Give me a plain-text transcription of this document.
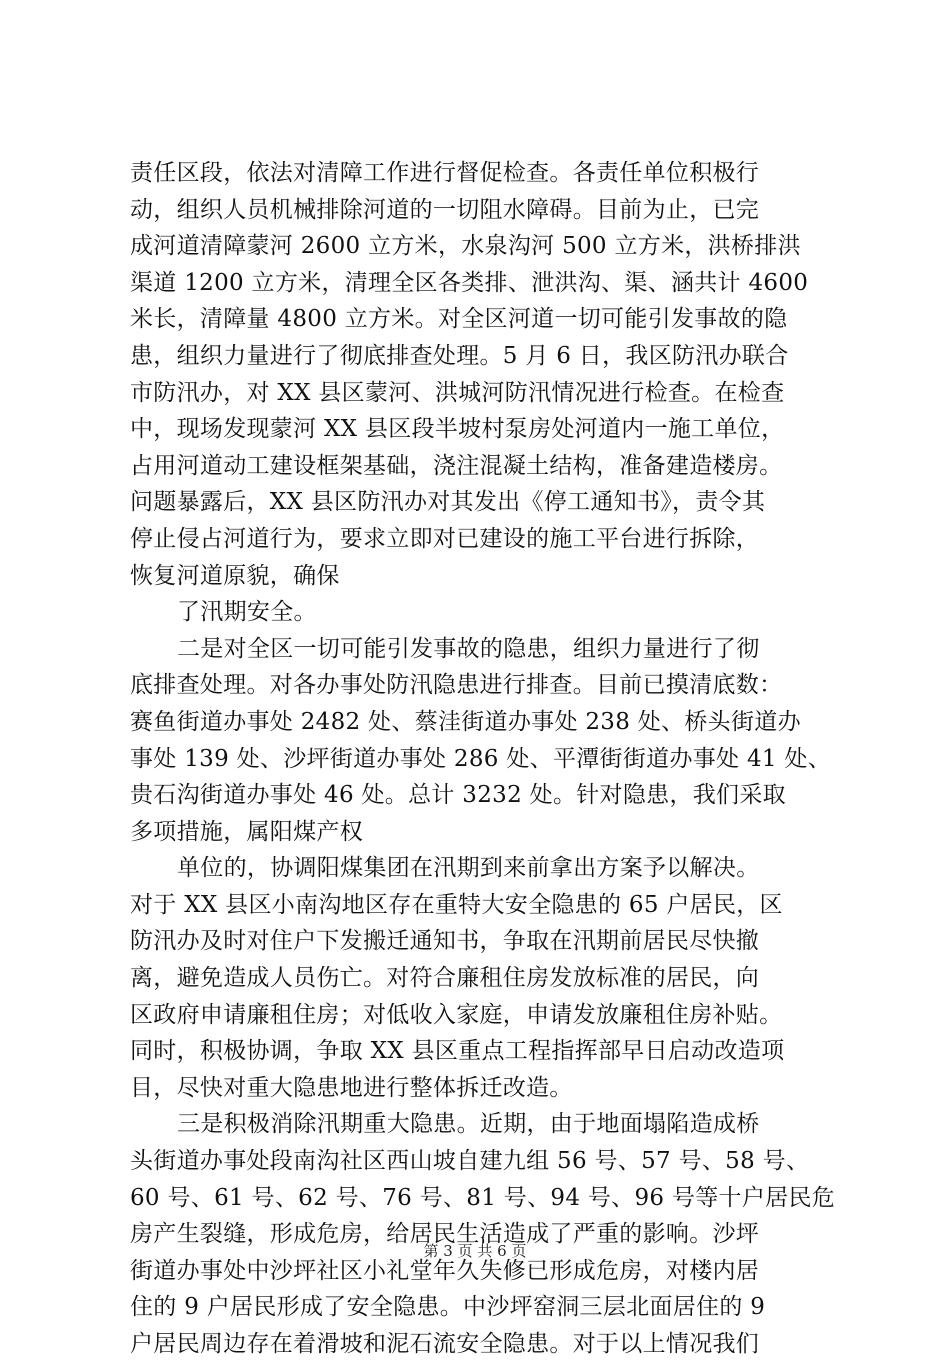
责任区段，依法对清障工作进行督促检查。各责任单位积极行
动，组织人员机械排除河道的一切阻水障碍。目前为止，已完
成河道清障蒙河 2600 立方米，水泉沟河 500 立方米，洪桥排洪
渠道 1200 立方米，清理全区各类排、泄洪沟、渠、涵共计 4600
米长，清障量 4800 立方米。对全区河道一切可能引发事故的隐
患，组织力量进行了彻底排查处理。5 月 6 日，我区防汛办联合
市防汛办，对 XX 县区蒙河、洪城河防汛情况进行检查。在检查
中，现场发现蒙河 XX 县区段半坡村泵房处河道内一施工单位，
占用河道动工建设框架基础，浇注混凝土结构，准备建造楼房。
问题暴露后，XX 县区防汛办对其发出《停工通知书》，责令其
停止侵占河道行为，要求立即对已建设的施工平台进行拆除，
恢复河道原貌，确保
了汛期安全。
二是对全区一切可能引发事故的隐患，组织力量进行了彻
底排查处理。对各办事处防汛隐患进行排查。目前已摸清底数：
赛鱼街道办事处 2482 处、蔡洼街道办事处 238 处、桥头街道办
事处 139 处、沙坪街道办事处 286 处、平潭街街道办事处 41 处、
贵石沟街道办事处 46 处。总计 3232 处。针对隐患，我们采取
多项措施，属阳煤产权
单位的，协调阳煤集团在汛期到来前拿出方案予以解决。
对于 XX 县区小南沟地区存在重特大安全隐患的 65 户居民，区
防汛办及时对住户下发搬迁通知书，争取在汛期前居民尽快撤
离，避免造成人员伤亡。对符合廉租住房发放标准的居民，向
区政府申请廉租住房；对低收入家庭，申请发放廉租住房补贴。
同时，积极协调，争取 XX 县区重点工程指挥部早日启动改造项
目，尽快对重大隐患地进行整体拆迁改造。
三是积极消除汛期重大隐患。近期，由于地面塌陷造成桥
头街道办事处段南沟社区西山坡自建九组 56 号、57 号、58 号、
60 号、61 号、62 号、76 号、81 号、94 号、96 号等十户居民危
房产生裂缝，形成危房，给居民生活造成了严重的影响。沙坪
街道办事处中沙坪社区小礼堂年久失修已形成危房，对楼内居
住的 9 户居民形成了安全隐患。中沙坪窑洞三层北面居住的 9
户居民周边存在着滑坡和泥石流安全隐患。对于以上情况我们
第 3 页 共 6 页
